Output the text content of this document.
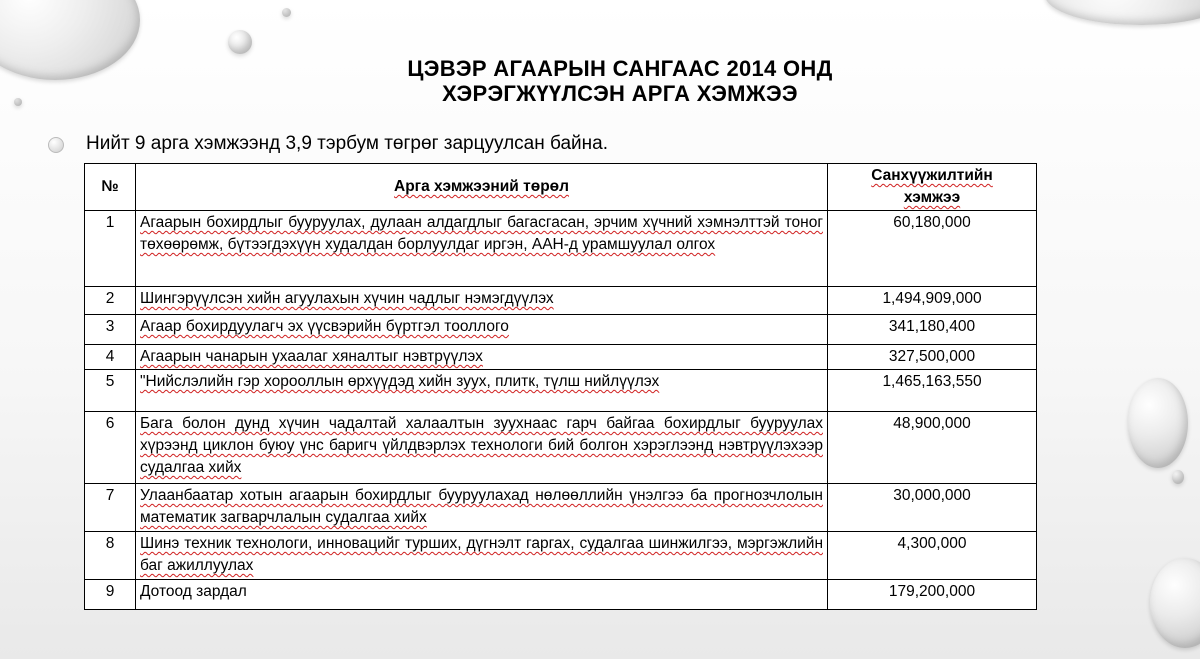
ЦЭВЭР АГААРЫН САНГААС 2014 ОНД
ХЭРЭГЖҮҮЛСЭН АРГА ХЭМЖЭЭ
Нийт 9 арга хэмжээнд 3,9 тэрбум төгрөг зарцуулсан байна.
№	Арга хэмжээний төрөл	Санхүүжилтийн
хэмжээ

1	Агаарын бохирдлыг бууруулах, дулаан алдагдлыг багасгасан, эрчим хүчний хэмнэлттэй тоног төхөөрөмж, бүтээгдэхүүн худалдан борлуулдаг иргэн, ААН-д урамшуулал олгох	60,180,000
2	Шингэрүүлсэн хийн агуулахын хүчин чадлыг нэмэгдүүлэх	1,494,909,000
3	Агаар бохирдуулагч эх үүсвэрийн бүртгэл тооллого	341,180,400
4	Агаарын чанарын ухаалаг хяналтыг нэвтрүүлэх	327,500,000
5	"Нийслэлийн гэр хорооллын өрхүүдэд хийн зуух, плитк, түлш нийлүүлэх	1,465,163,550
6	Бага болон дунд хүчин чадалтай халаалтын зуухнаас гарч байгаа бохирдлыг бууруулах хүрээнд циклон буюу үнс баригч үйлдвэрлэх технологи бий болгон хэрэглээнд нэвтрүүлэхээр судалгаа хийх	48,900,000
7	Улаанбаатар хотын агаарын бохирдлыг бууруулахад нөлөөллийн үнэлгээ ба прогнозчлолын математик загварчлалын судалгаа хийх	30,000,000
8	Шинэ техник технологи, инновацийг турших, дүгнэлт гаргах, судалгаа шинжилгээ, мэргэжлийн баг ажиллуулах	4,300,000
9	Дотоод зардал	179,200,000
